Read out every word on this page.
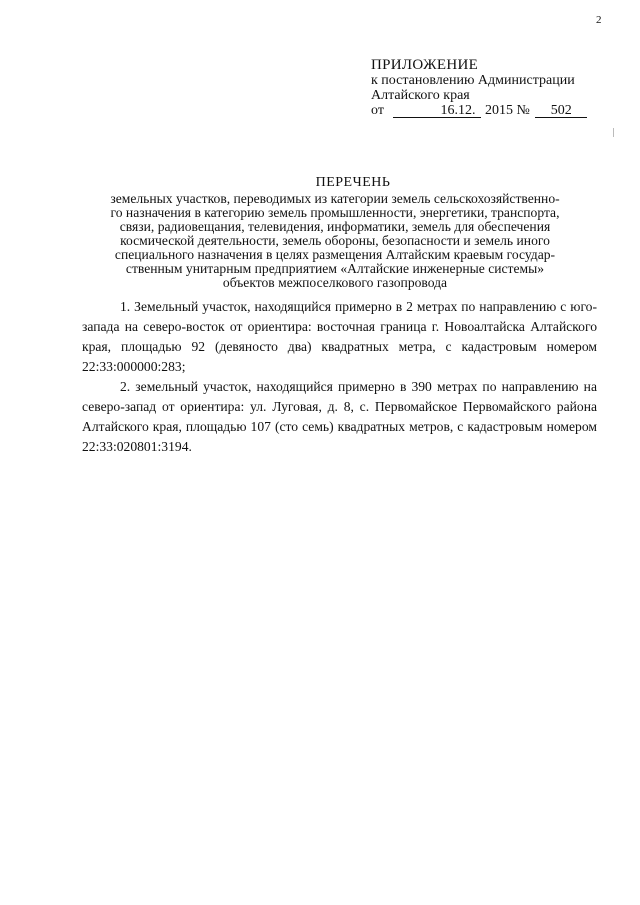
2
ПРИЛОЖЕНИЕ
к постановлению Администрации
Алтайского края
от	16.12. 2015 № 502
ПЕРЕЧЕНЬ
земельных участков, переводимых из категории земель сельскохозяйственно-
го назначения в категорию земель промышленности, энергетики, транспорта,
связи, радиовещания, телевидения, информатики, земель для обеспечения
космической деятельности, земель обороны, безопасности и земель иного
специального назначения в целях размещения Алтайским краевым государ-
ственным унитарным предприятием «Алтайские инженерные системы»
объектов межпоселкового газопровода

1. Земельный участок, находящийся примерно в 2 метрах по направлению с юго-запада на северо-восток от ориентира: восточная граница г. Новоалтайска Алтайского края, площадью 92 (девяносто два) квадратных метра, с кадастровым номером 22:33:000000:283;

2. земельный участок, находящийся примерно в 390 метрах по направлению на северо-запад от ориентира: ул. Луговая, д. 8, с. Первомайское Первомайского района Алтайского края, площадью 107 (сто семь) квадратных метров, с кадастровым номером 22:33:020801:3194.
